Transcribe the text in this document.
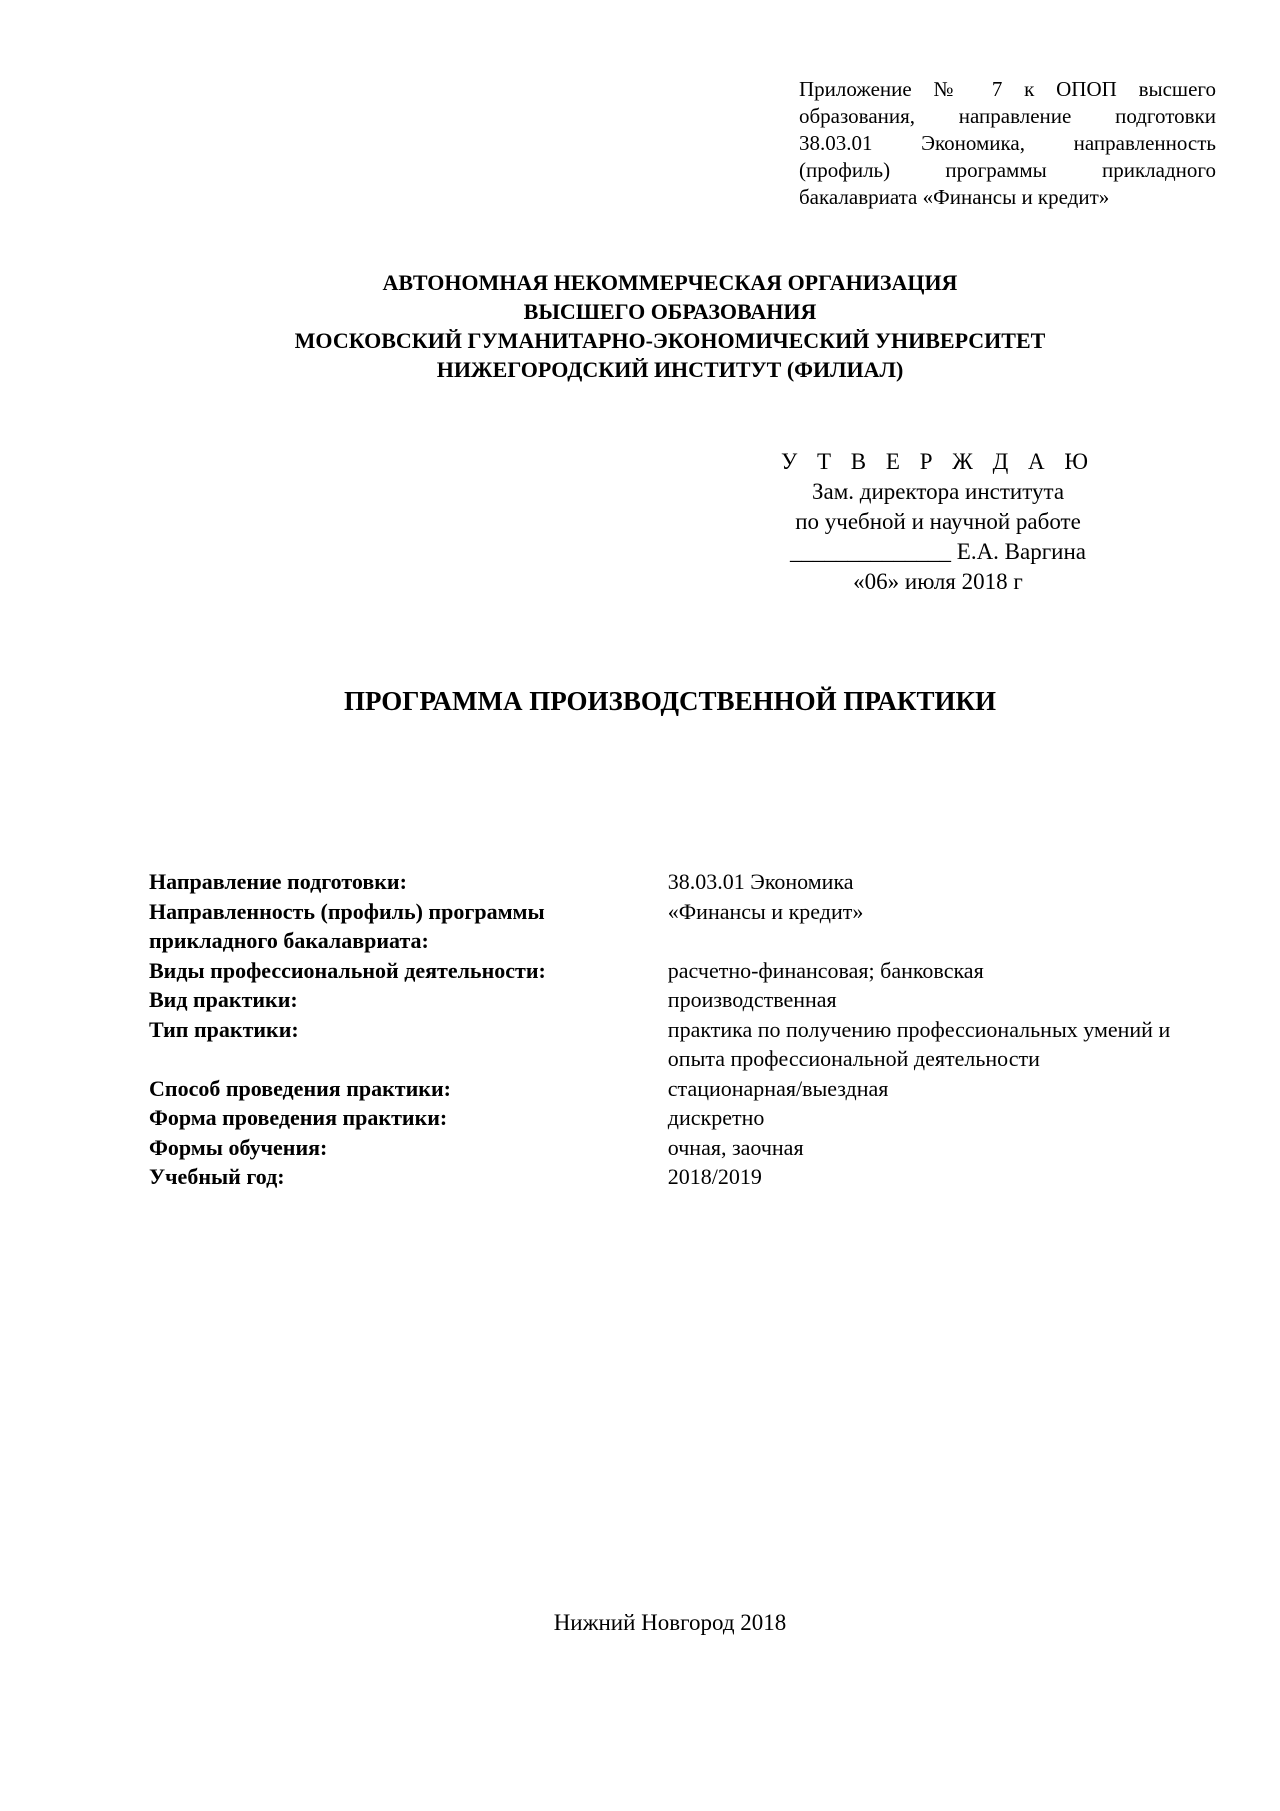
Приложение № 7 к ОПОП высшего образования, направление подготовки 38.03.01 Экономика, направленность (профиль) программы прикладного бакалавриата «Финансы и кредит»
АВТОНОМНАЯ НЕКОММЕРЧЕСКАЯ ОРГАНИЗАЦИЯ
ВЫСШЕГО ОБРАЗОВАНИЯ
МОСКОВСКИЙ ГУМАНИТАРНО-ЭКОНОМИЧЕСКИЙ УНИВЕРСИТЕТ
НИЖЕГОРОДСКИЙ ИНСТИТУТ (ФИЛИАЛ)
У Т В Е Р Ж Д А Ю
Зам. директора института
по учебной и научной работе
______________ Е.А. Варгина
«06» июля 2018 г
ПРОГРАММА ПРОИЗВОДСТВЕННОЙ ПРАКТИКИ
Направление подготовки:	38.03.01 Экономика
Направленность (профиль) программы прикладного бакалавриата:	«Финансы и кредит»
Виды профессиональной деятельности:	расчетно-финансовая; банковская
Вид практики:	производственная
Тип практики:	практика по получению профессиональных умений и опыта профессиональной деятельности
Способ проведения практики:	стационарная/выездная
Форма проведения практики:	дискретно
Формы обучения:	очная, заочная
Учебный год:	2018/2019
Нижний Новгород 2018
